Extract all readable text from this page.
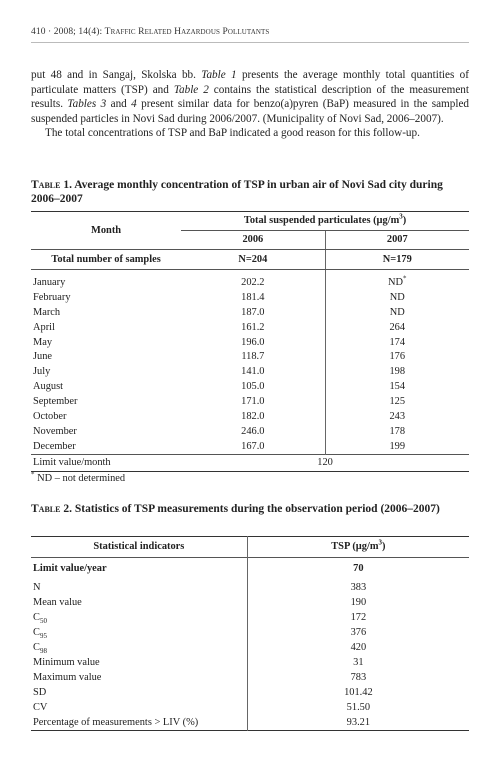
410 · 2008; 14(4): Traffic Related Hazardous Pollutants

put 48 and in Sangaj, Skolska bb. Table 1 presents the average monthly total quantities of particulate matters (TSP) and Table 2 contains the statistical description of the measurement results. Tables 3 and 4 present similar data for benzo(a)pyren (BaP) measured in the sampled suspended particles in Novi Sad during 2006/2007. (Municipality of Novi Sad, 2006–2007).

The total concentrations of TSP and BaP indicated a good reason for this follow-up.

Table 1. Average monthly concentration of TSP in urban air of Novi Sad city during 2006–2007
Month	Total suspended particulates $(\mu g/m^3)$	
	2006	2007
Total number of samples	N=204	N=179

January	202.2	ND*
February	181.4	ND
March	187.0	ND
April	161.2	264
May	196.0	174
June	118.7	176
July	141.0	198
August	105.0	154
September	171.0	125
October	182.0	243
November	246.0	178
December	167.0	199
Limit value/month	120	
* ND – not determined
Table 2. Statistics of TSP measurements during the observation period (2006–2007)
Statistical indicators	TSP $(\mu g/m^3)$
Limit value/year	70
N	383
Mean value	190
$C_{50}$	172
$C_{95}$	376
$C_{98}$	420
Minimum value	31
Maximum value	783
SD	101.42
CV	51.50
Percentage of measurements > LIV (%)	93.21
